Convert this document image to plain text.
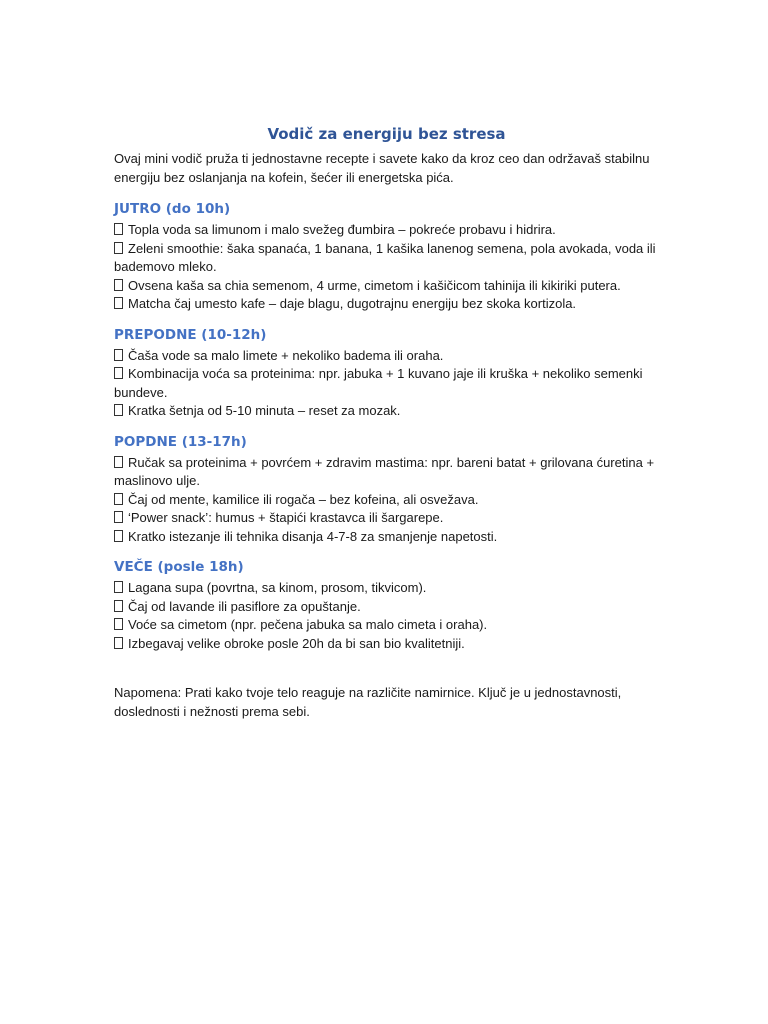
Vodič za energiju bez stresa

Ovaj mini vodič pruža ti jednostavne recepte i savete kako da kroz ceo dan održavaš stabilnu energiju bez oslanjanja na kofein, šećer ili energetska pića.

JUTRO (do 10h)
Topla voda sa limunom i malo svežeg đumbira – pokreće probavu i hidrira.
Zeleni smoothie: šaka spanaća, 1 banana, 1 kašika lanenog semena, pola avokada, voda ili bademovo mleko.
Ovsena kaša sa chia semenom, 4 urme, cimetom i kašičicom tahinija ili kikiriki putera.
Matcha čaj umesto kafe – daje blagu, dugotrajnu energiju bez skoka kortizola.
PREPODNE (10-12h)
Čaša vode sa malo limete + nekoliko badema ili oraha.
Kombinacija voća sa proteinima: npr. jabuka + 1 kuvano jaje ili kruška + nekoliko semenki bundeve.
Kratka šetnja od 5-10 minuta – reset za mozak.
POPDNE (13-17h)
Ručak sa proteinima + povrćem + zdravim mastima: npr. bareni batat + grilovana ćuretina + maslinovo ulje.
Čaj od mente, kamilice ili rogača – bez kofeina, ali osvežava.
‘Power snack’: humus + štapići krastavca ili šargarepe.
Kratko istezanje ili tehnika disanja 4-7-8 za smanjenje napetosti.
VEČE (posle 18h)
Lagana supa (povrtna, sa kinom, prosom, tikvicom).
Čaj od lavande ili pasiflore za opuštanje.
Voće sa cimetom (npr. pečena jabuka sa malo cimeta i oraha).
Izbegavaj velike obroke posle 20h da bi san bio kvalitetniji.

Napomena: Prati kako tvoje telo reaguje na različite namirnice. Ključ je u jednostavnosti, doslednosti i nežnosti prema sebi.
